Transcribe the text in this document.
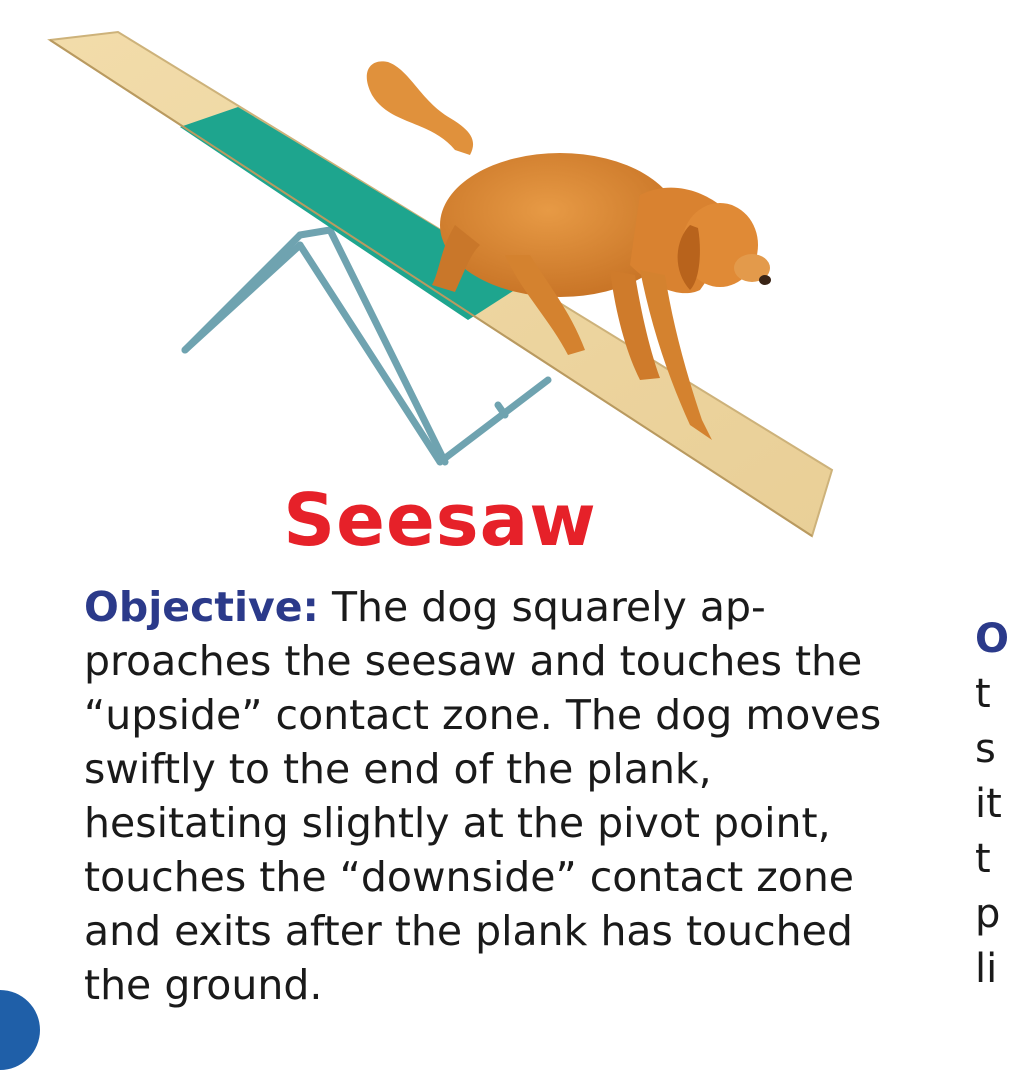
Seesaw
Objective: The dog squarely ap-
proaches the seesaw and touches the
“upside” contact zone. The dog moves
swiftly to the end of the plank,
hesitating slightly at the pivot point,
touches the “downside” contact zone
and exits after the plank has touched
the ground.
O
t
s
it
t
p
li
